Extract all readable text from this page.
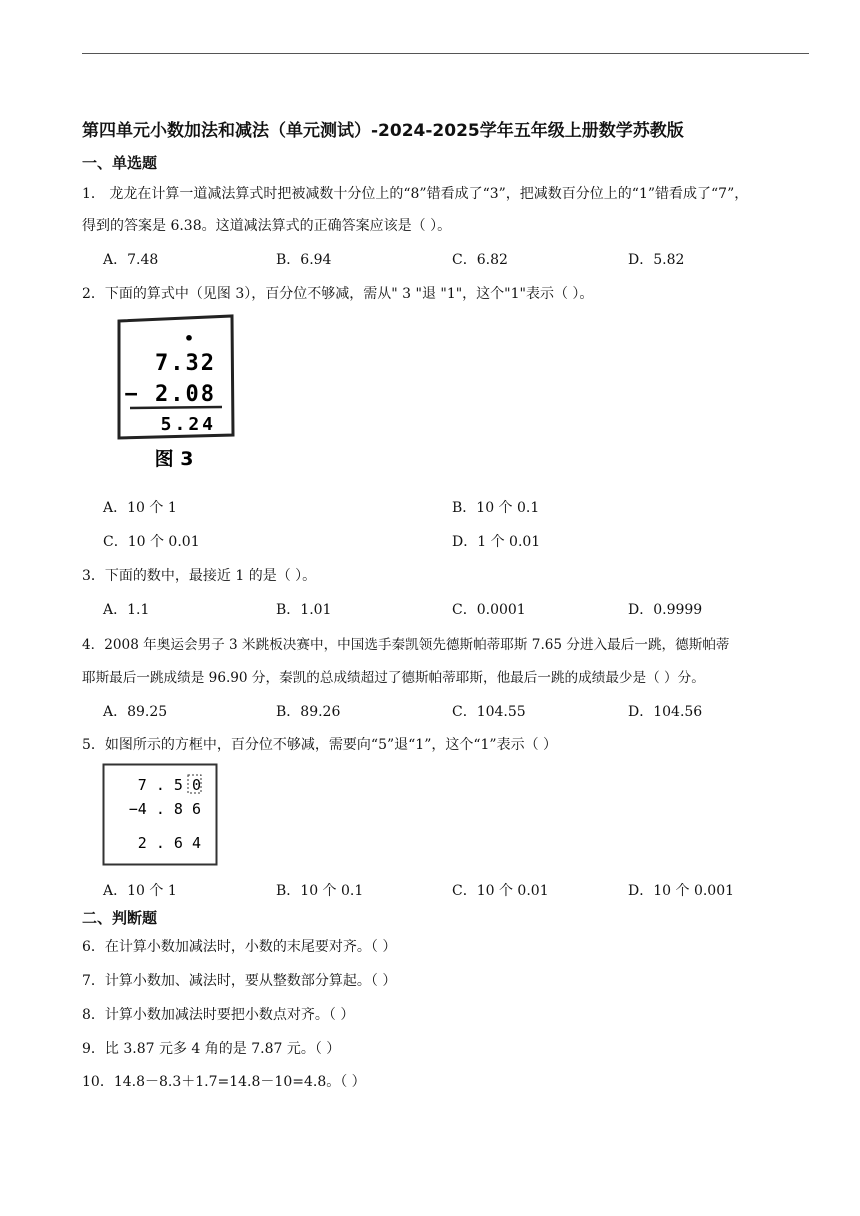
第四单元小数加法和减法（单元测试）-2024-2025学年五年级上册数学苏教版
一、单选题
1． 龙龙在计算一道减法算式时把被减数十分位上的“8”错看成了“3”，把减数百分位上的“1”错看成了“7”，
得到的答案是 6.38。这道减法算式的正确答案应该是（ ）。
A．7.48	B．6.94	C．6.82	D．5.82
2．下面的算式中（见图 3），百分位不够减，需从" 3 "退 "1"，这个"1"表示（ ）。
•
7.32
− 2.08
5.24
图 3
A．10 个 1	B．10 个 0.1
C．10 个 0.01	D．1 个 0.01
3．下面的数中，最接近 1 的是（ ）。
A．1.1	B．1.01	C．0.0001	D．0.9999
4．2008 年奥运会男子 3 米跳板决赛中，中国选手秦凯领先德斯帕蒂耶斯 7.65 分进入最后一跳，德斯帕蒂
耶斯最后一跳成绩是 96.90 分，秦凯的总成绩超过了德斯帕蒂耶斯，他最后一跳的成绩最少是（ ）分。
A．89.25	B．89.26	C．104.55	D．104.56
5．如图所示的方框中，百分位不够减，需要向“5”退“1”，这个“1”表示（ ）
7 . 5 0
−4 . 8 6
2 . 6 4
A．10 个 1	B．10 个 0.1	C．10 个 0.01	D．10 个 0.001
二、判断题
6．在计算小数加减法时，小数的末尾要对齐。（ ）
7．计算小数加、减法时，要从整数部分算起。（ ）
8．计算小数加减法时要把小数点对齐。（ ）
9．比 3.87 元多 4 角的是 7.87 元。（ ）
10．14.8－8.3＋1.7=14.8－10=4.8。（ ）
